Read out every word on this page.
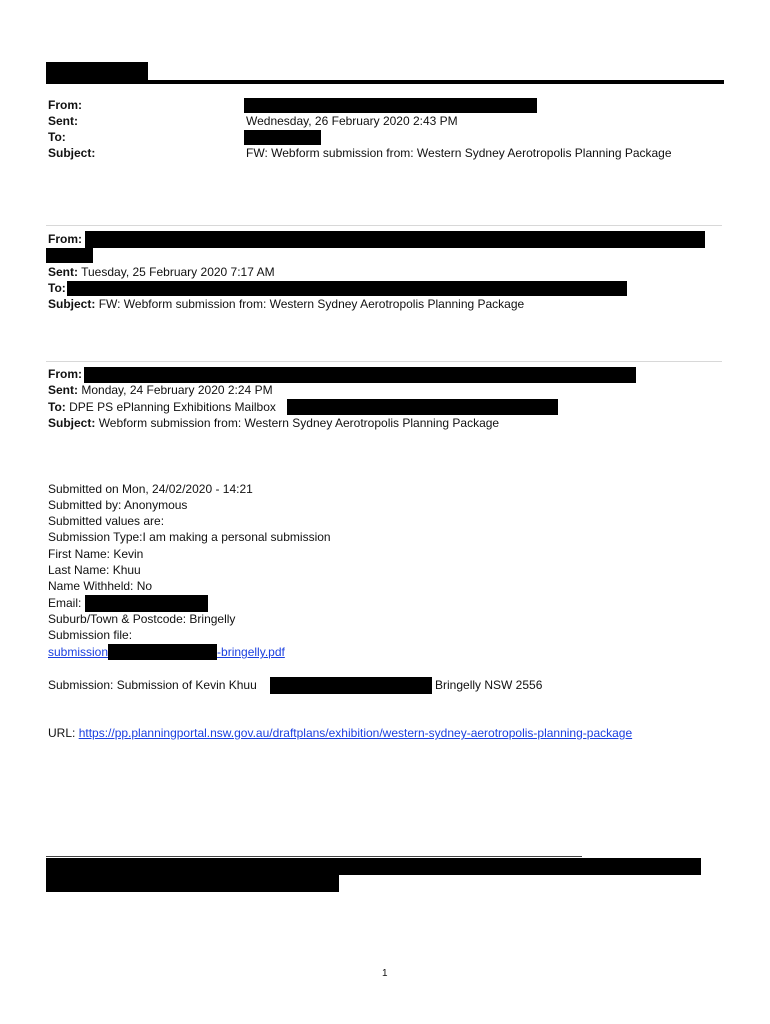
From:
Sent:	Wednesday, 26 February 2020 2:43 PM
To:
Subject:	FW: Webform submission from: Western Sydney Aerotropolis Planning Package
From:
Sent: Tuesday, 25 February 2020 7:17 AM
To:
Subject: FW: Webform submission from: Western Sydney Aerotropolis Planning Package
From:
Sent: Monday, 24 February 2020 2:24 PM
To: DPE PS ePlanning Exhibitions Mailbox
Subject: Webform submission from: Western Sydney Aerotropolis Planning Package
Submitted on Mon, 24/02/2020 - 14:21
Submitted by: Anonymous
Submitted values are:
Submission Type:I am making a personal submission
First Name: Kevin
Last Name: Khuu
Name Withheld: No
Email:
Suburb/Town & Postcode: Bringelly
Submission file:
submission	-bringelly.pdf
Submission: Submission of Kevin Khuu	Bringelly NSW 2556
URL: https://pp.planningportal.nsw.gov.au/draftplans/exhibition/western-sydney-aerotropolis-planning-package
1
